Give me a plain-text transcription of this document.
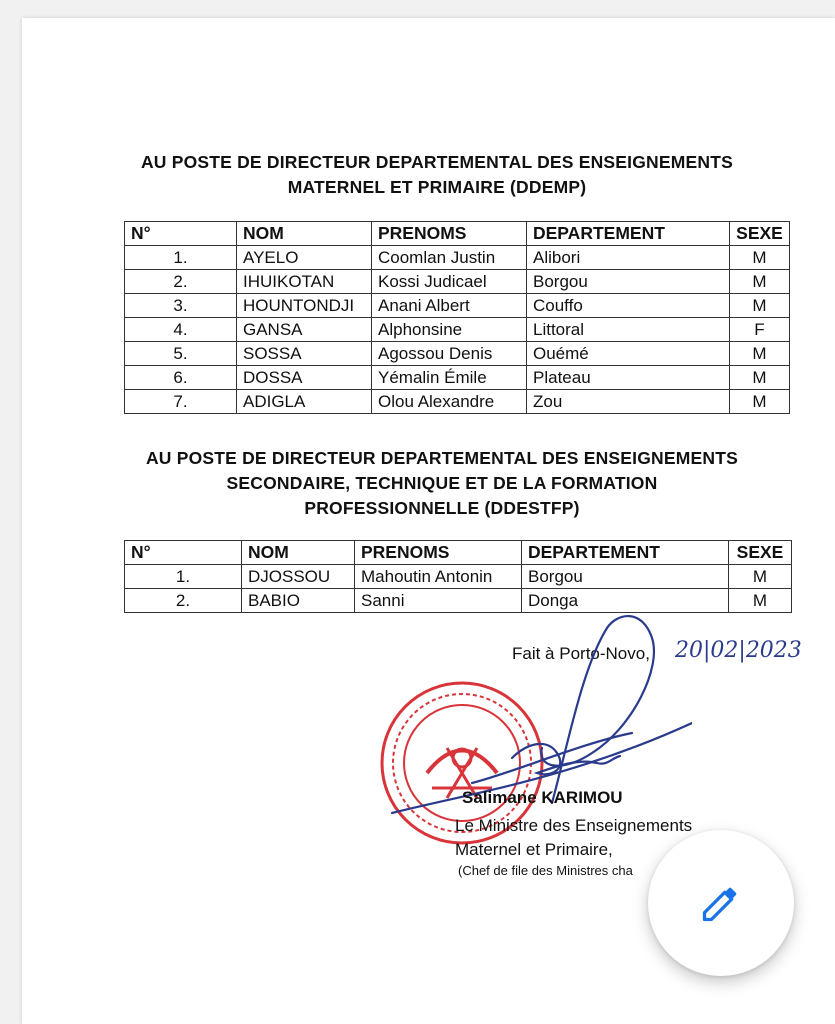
AU POSTE DE DIRECTEUR DEPARTEMENTAL DES ENSEIGNEMENTS
MATERNEL ET PRIMAIRE (DDEMP)
N°	NOM	PRENOMS	DEPARTEMENT	SEXE
1.	AYELO	Coomlan Justin	Alibori	M
2.	IHUIKOTAN	Kossi Judicael	Borgou	M
3.	HOUNTONDJI	Anani Albert	Couffo	M
4.	GANSA	Alphonsine	Littoral	F
5.	SOSSA	Agossou Denis	Ouémé	M
6.	DOSSA	Yémalin Émile	Plateau	M
7.	ADIGLA	Olou Alexandre	Zou	M
AU POSTE DE DIRECTEUR DEPARTEMENTAL DES ENSEIGNEMENTS
SECONDAIRE, TECHNIQUE ET DE LA FORMATION
PROFESSIONNELLE (DDESTFP)
N°	NOM	PRENOMS	DEPARTEMENT	SEXE
1.	DJOSSOU	Mahoutin Antonin	Borgou	M
2.	BABIO	Sanni	Donga	M
Fait à Porto-Novo, 20|02|2023
Salimane KARIMOU
Le Ministre des Enseignements
Maternel et Primaire,
(Chef de file des Ministres cha
